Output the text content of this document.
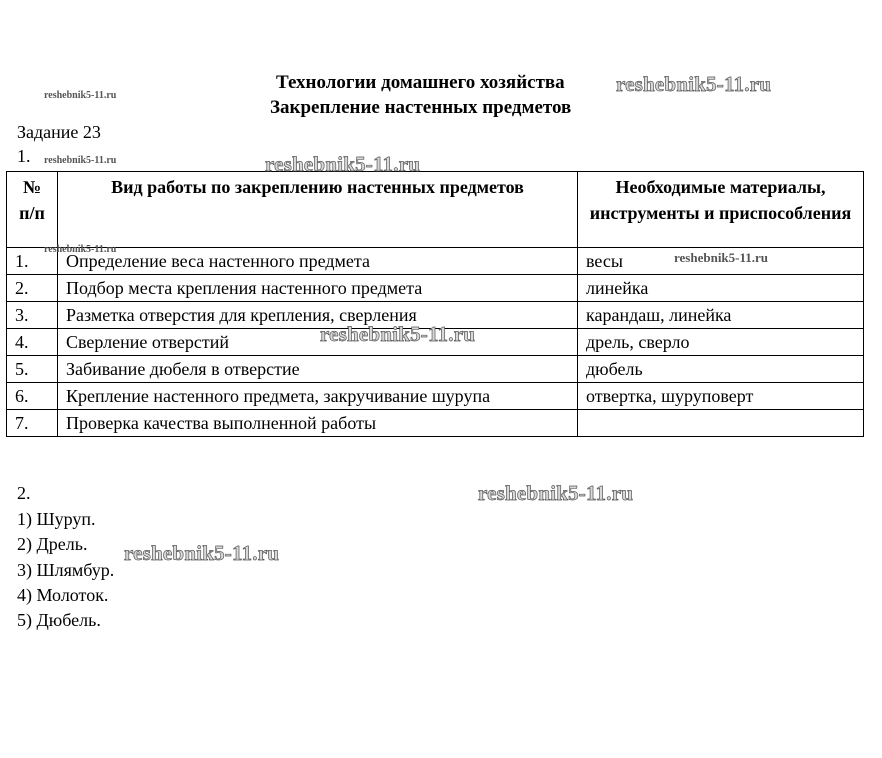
Технологии домашнего хозяйства
Закрепление настенных предметов
Задание 23
1.
№ п/п	Вид работы по закреплению настенных предметов	Необходимые материалы, инструменты и приспособления
1.	Определение веса настенного предмета	весы
2.	Подбор места крепления настенного предмета	линейка
3.	Разметка отверстия для крепления, сверления	карандаш, линейка
4.	Сверление отверстий	дрель, сверло
5.	Забивание дюбеля в отверстие	дюбель
6.	Крепление настенного предмета, закручивание шурупа	отвертка, шуруповерт
7.	Проверка качества выполненной работы	
2.
1) Шуруп.
2) Дрель.
3) Шлямбур.
4) Молоток.
5) Дюбель.
reshebnik5-11.ru
reshebnik5-11.ru
reshebnik5-11.ru
reshebnik5-11.ru
reshebnik5-11.ru
reshebnik5-11.ru
reshebnik5-11.ru
reshebnik5-11.ru
reshebnik5-11.ru
